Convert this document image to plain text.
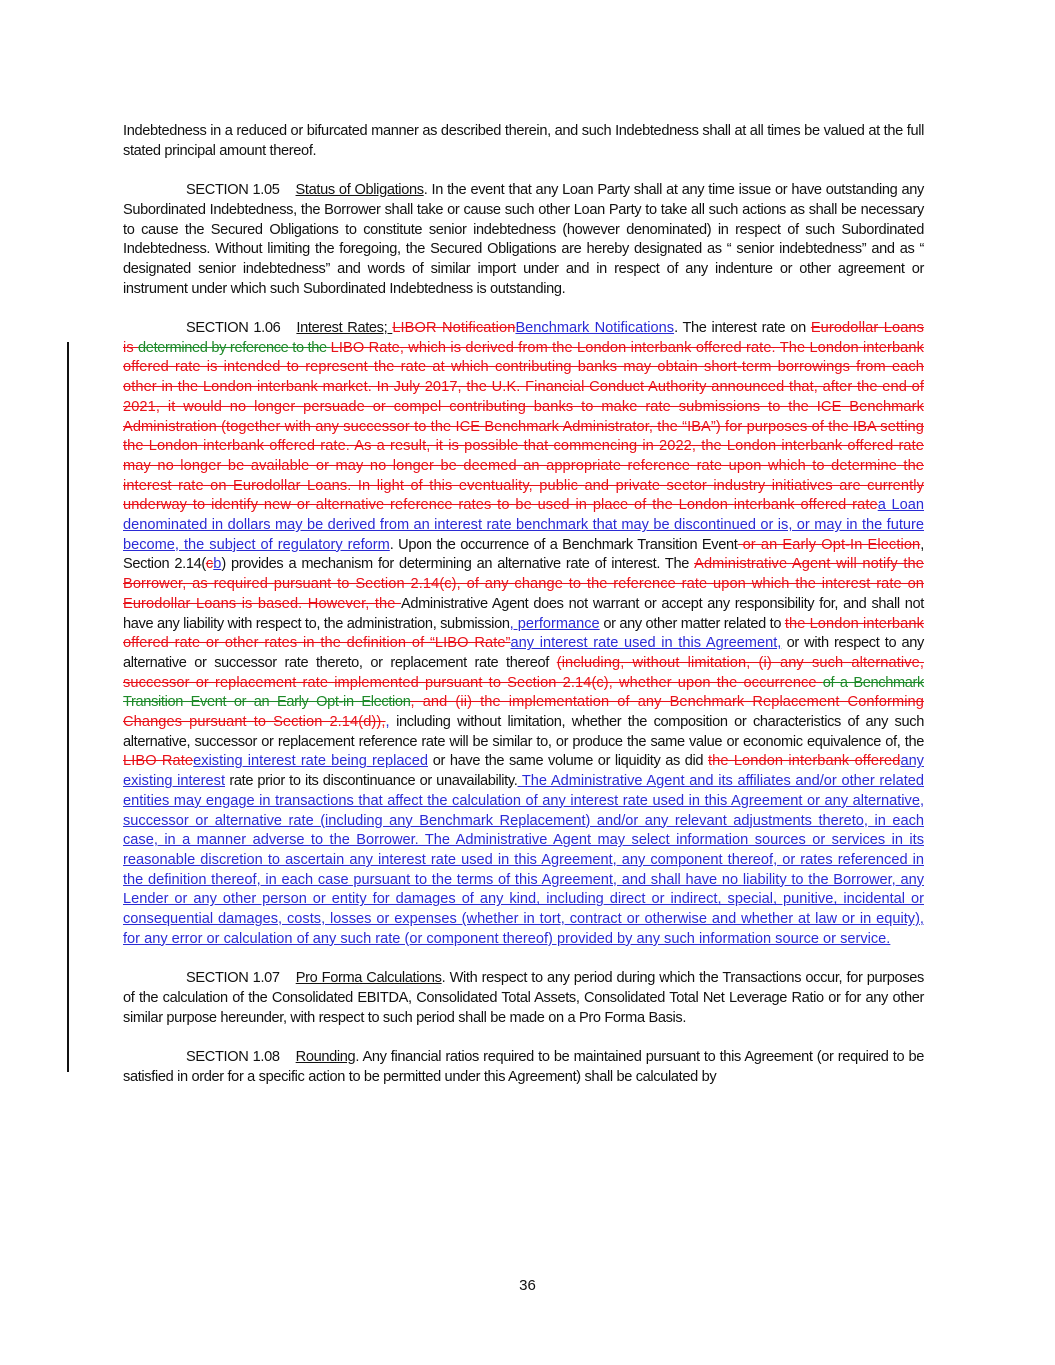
Indebtedness in a reduced or bifurcated manner as described therein, and such Indebtedness shall at all times be valued at the full stated principal amount thereof.

SECTION 1.05 Status of Obligations. In the event that any Loan Party shall at any time issue or have outstanding any Subordinated Indebtedness, the Borrower shall take or cause such other Loan Party to take all such actions as shall be necessary to cause the Secured Obligations to constitute senior indebtedness (however denominated) in respect of such Subordinated Indebtedness. Without limiting the foregoing, the Secured Obligations are hereby designated as “ senior indebtedness” and as “ designated senior indebtedness” and words of similar import under and in respect of any indenture or other agreement or instrument under which such Subordinated Indebtedness is outstanding.

SECTION 1.06 Interest Rates; LIBOR NotificationBenchmark Notifications. The interest rate on Eurodollar Loans is determined by reference to the LIBO Rate, which is derived from the London interbank offered rate. The London interbank offered rate is intended to represent the rate at which contributing banks may obtain short-term borrowings from each other in the London interbank market. In July 2017, the U.K. Financial Conduct Authority announced that, after the end of 2021, it would no longer persuade or compel contributing banks to make rate submissions to the ICE Benchmark Administration (together with any successor to the ICE Benchmark Administrator, the “IBA”) for purposes of the IBA setting the London interbank offered rate. As a result, it is possible that commencing in 2022, the London interbank offered rate may no longer be available or may no longer be deemed an appropriate reference rate upon which to determine the interest rate on Eurodollar Loans. In light of this eventuality, public and private sector industry initiatives are currently underway to identify new or alternative reference rates to be used in place of the London interbank offered ratea Loan denominated in dollars may be derived from an interest rate benchmark that may be discontinued or is, or may in the future become, the subject of regulatory reform. Upon the occurrence of a Benchmark Transition Event or an Early Opt-In Election, Section 2.14(cb) provides a mechanism for determining an alternative rate of interest. The Administrative Agent will notify the Borrower, as required pursuant to Section 2.14(c), of any change to the reference rate upon which the interest rate on Eurodollar Loans is based. However, the Administrative Agent does not warrant or accept any responsibility for, and shall not have any liability with respect to, the administration, submission, performance or any other matter related to the London interbank offered rate or other rates in the definition of “LIBO Rate”any interest rate used in this Agreement, or with respect to any alternative or successor rate thereto, or replacement rate thereof (including, without limitation, (i) any such alternative, successor or replacement rate implemented pursuant to Section 2.14(c), whether upon the occurrence of a Benchmark Transition Event or an Early Opt-in Election, and (ii) the implementation of any Benchmark Replacement Conforming Changes pursuant to Section 2.14(d)),, including without limitation, whether the composition or characteristics of any such alternative, successor or replacement reference rate will be similar to, or produce the same value or economic equivalence of, the LIBO Rateexisting interest rate being replaced or have the same volume or liquidity as did the London interbank offeredany existing interest rate prior to its discontinuance or unavailability. The Administrative Agent and its affiliates and/or other related entities may engage in transactions that affect the calculation of any interest rate used in this Agreement or any alternative, successor or alternative rate (including any Benchmark Replacement) and/or any relevant adjustments thereto, in each case, in a manner adverse to the Borrower. The Administrative Agent may select information sources or services in its reasonable discretion to ascertain any interest rate used in this Agreement, any component thereof, or rates referenced in the definition thereof, in each case pursuant to the terms of this Agreement, and shall have no liability to the Borrower, any Lender or any other person or entity for damages of any kind, including direct or indirect, special, punitive, incidental or consequential damages, costs, losses or expenses (whether in tort, contract or otherwise and whether at law or in equity), for any error or calculation of any such rate (or component thereof) provided by any such information source or service.

SECTION 1.07 Pro Forma Calculations. With respect to any period during which the Transactions occur, for purposes of the calculation of the Consolidated EBITDA, Consolidated Total Assets, Consolidated Total Net Leverage Ratio or for any other similar purpose hereunder, with respect to such period shall be made on a Pro Forma Basis.

SECTION 1.08 Rounding. Any financial ratios required to be maintained pursuant to this Agreement (or required to be satisfied in order for a specific action to be permitted under this Agreement) shall be calculated by

36
